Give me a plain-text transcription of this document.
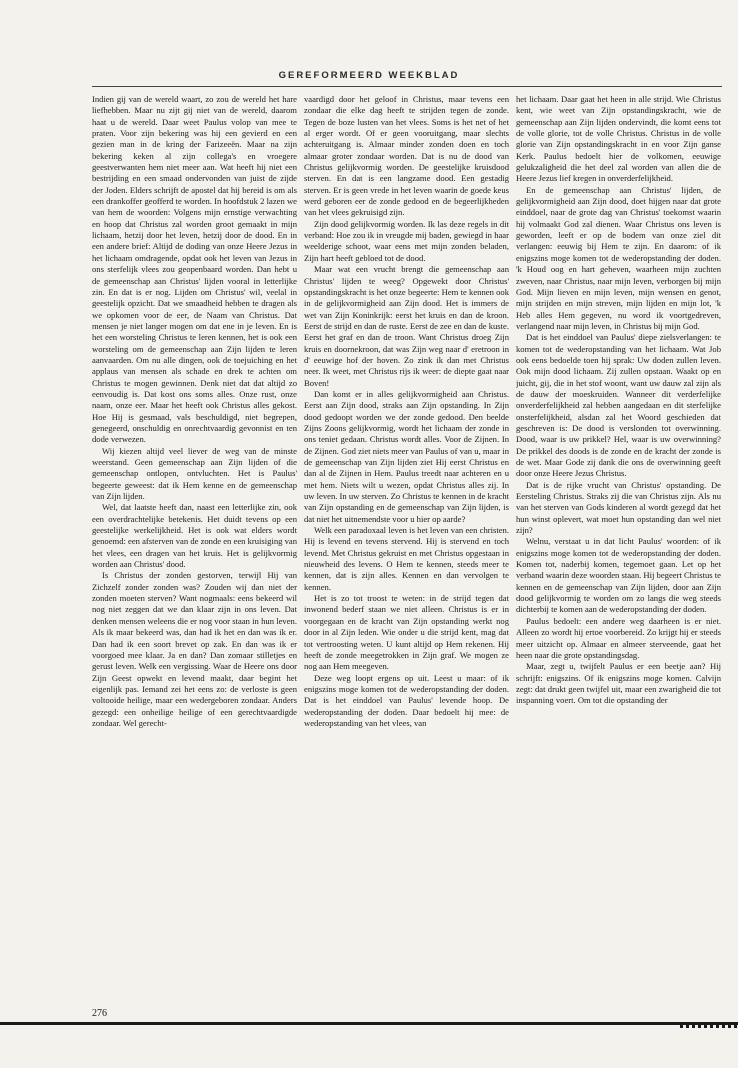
GEREFORMEERD WEEKBLAD

Indien gij van de wereld waart, zo zou de wereld het hare liefhebben. Maar nu zijt gij niet van de wereld, daarom haat u de wereld. Daar weet Paulus volop van mee te praten. Voor zijn bekering was hij een gevierd en een gezien man in de kring der Farizeeën. Maar na zijn bekering keken al zijn collega's en vroegere geestverwanten hem niet meer aan. Wat heeft hij niet een bestrijding en een smaad ondervonden van juist de zijde der Joden. Elders schrijft de apostel dat hij bereid is om als een drankoffer geofferd te worden. In hoofdstuk 2 lazen we van hem de woorden: Volgens mijn ernstige verwachting en hoop dat Christus zal worden groot gemaakt in mijn lichaam, hetzij door het leven, hetzij door de dood. En in een andere brief: Altijd de doding van onze Heere Jezus in het lichaam omdragende, opdat ook het leven van Jezus in ons sterfelijk vlees zou geopenbaard worden. Dan hebt u de gemeenschap aan Christus' lijden vooral in letterlijke zin. En dat is er nog. Lijden om Christus' wil, veelal in geestelijk opzicht. Dat we smaadheid hebben te dragen als we opkomen voor de eer, de Naam van Christus. Dat mensen je niet langer mogen om dat ene in je leven. En is het een worsteling Christus te leren kennen, het is ook een worsteling om de gemeenschap aan Zijn lijden te leren aanvaarden. Om nu alle dingen, ook de toejuiching en het applaus van mensen als schade en drek te achten om Christus te mogen gewinnen. Denk niet dat dat altijd zo eenvoudig is. Dat kost ons soms alles. Onze rust, onze naam, onze eer. Maar het heeft ook Christus alles gekost. Hoe Hij is gesmaad, vals beschuldigd, niet begrepen, genegeerd, onschuldig en onrechtvaardig gevonnist en ten dode verwezen.

Wij kiezen altijd veel liever de weg van de minste weerstand. Geen gemeenschap aan Zijn lijden of die gemeenschap ontlopen, ontvluchten. Het is Paulus' begeerte geweest: dat ik Hem kenne en de gemeenschap van Zijn lijden.

Wel, dat laatste heeft dan, naast een letterlijke zin, ook een overdrachtelijke betekenis. Het duidt tevens op een geestelijke werkelijkheid. Het is ook wat elders wordt genoemd: een afsterven van de zonde en een kruisiging van het vlees, een dragen van het kruis. Het is gelijkvormig worden aan Christus' dood.

Is Christus der zonden gestorven, terwijl Hij van Zichzelf zonder zonden was? Zouden wij dan niet der zonden moeten sterven? Want nogmaals: eens bekeerd wil nog niet zeggen dat we dan klaar zijn in ons leven. Dat denken mensen weleens die er nog voor staan in hun leven. Als ik maar bekeerd was, dan had ik het en dan was ik er. Dan had ik een soort brevet op zak. En dan was ik er voorgoed mee klaar. Ja en dan? Dan zomaar stilletjes en gerust leven. Welk een vergissing. Waar de Heere ons door Zijn Geest opwekt en levend maakt, daar begint het eigenlijk pas. Iemand zei het eens zo: de verloste is geen voltooide heilige, maar een wedergeboren zondaar. Anders gezegd: een onheilige heilige of een gerechtvaardigde zondaar. Wel gerecht-

vaardigd door het geloof in Christus, maar tevens een zondaar die elke dag heeft te strijden tegen de zonde. Tegen de boze lusten van het vlees. Soms is het net of het al erger wordt. Of er geen vooruitgang, maar slechts achteruitgang is. Almaar minder zonden doen en toch almaar groter zondaar worden. Dat is nu de dood van Christus gelijkvormig worden. De geestelijke kruisdood sterven. En dat is een langzame dood. Een gestadig sterven. Er is geen vrede in het leven waarin de goede keus werd geboren eer de zonde gedood en de begeerlijkheden van het vlees gekruisigd zijn.

Zijn dood gelijkvormig worden. Ik las deze regels in dit verband: Hoe zou ik in vreugde mij baden, gewiegd in haar weelderige schoot, waar eens met mijn zonden beladen, Zijn hart heeft gebloed tot de dood.

Maar wat een vrucht brengt die gemeenschap aan Christus' lijden te weeg? Opgewekt door Christus' opstandingskracht is het onze begeerte: Hem te kennen ook in de gelijkvormigheid aan Zijn dood. Het is immers de wet van Zijn Koninkrijk: eerst het kruis en dan de kroon. Eerst de strijd en dan de ruste. Eerst de zee en dan de kuste. Eerst het graf en dan de troon. Want Christus droeg Zijn kruis en doornekroon, dat was Zijn weg naar d' eretroon in d' eeuwige hof der hoven. Zo zink ik dan met Christus neer. Ik weet, met Christus rijs ik weer: de diepte gaat naar Boven!

Dan komt er in alles gelijkvormigheid aan Christus. Eerst aan Zijn dood, straks aan Zijn opstanding. In Zijn dood gedoopt worden we der zonde gedood. Den beelde Zijns Zoons gelijkvormig, wordt het lichaam der zonde in ons teniet gedaan. Christus wordt alles. Voor de Zijnen. In de Zijnen. God ziet niets meer van Paulus of van u, maar in de gemeenschap van Zijn lijden ziet Hij eerst Christus en dan al de Zijnen in Hem. Paulus treedt naar achteren en u met hem. Niets wilt u wezen, opdat Christus alles zij. In uw leven. In uw sterven. Zo Christus te kennen in de kracht van Zijn opstanding en de gemeenschap van Zijn lijden, is dat niet het uitnemendste voor u hier op aarde?

Welk een paradoxaal leven is het leven van een christen. Hij is levend en tevens stervend. Hij is stervend en toch levend. Met Christus gekruist en met Christus opgestaan in nieuwheid des levens. O Hem te kennen, steeds meer te kennen, dat is zijn alles. Kennen en dan vervolgen te kennen.

Het is zo tot troost te weten: in de strijd tegen dat inwonend bederf staan we niet alleen. Christus is er in voorgegaan en de kracht van Zijn opstanding werkt nog door in al Zijn leden. Wie onder u die strijd kent, mag dat tot vertroosting weten. U kunt altijd op Hem rekenen. Hij heeft de zonde meegetrokken in Zijn graf. We mogen ze nog aan Hem meegeven.

Deze weg loopt ergens op uit. Leest u maar: of ik enigszins moge komen tot de wederopstanding der doden. Dat is het einddoel van Paulus' levende hoop. De wederopstanding der doden. Daar bedoelt hij mee: de wederopstanding van het vlees, van

het lichaam. Daar gaat het heen in alle strijd. Wie Christus kent, wie weet van Zijn opstandingskracht, wie de gemeenschap aan Zijn lijden ondervindt, die komt eens tot de volle glorie, tot de volle Christus. Christus in de volle glorie van Zijn opstandingskracht in en voor Zijn ganse Kerk. Paulus bedoelt hier de volkomen, eeuwige gelukzaligheid die het deel zal worden van allen die de Heere Jezus lief kregen in onverderfelijkheid.

En de gemeenschap aan Christus' lijden, de gelijkvormigheid aan Zijn dood, doet hijgen naar dat grote einddoel, naar de grote dag van Christus' toekomst waarin hij volmaakt God zal dienen. Waar Christus ons leven is geworden, leeft er op de bodem van onze ziel dit verlangen: eeuwig bij Hem te zijn. En daarom: of ik enigszins moge komen tot de wederopstanding der doden. 'k Houd oog en hart geheven, waarheen mijn zuchten zweven, naar Christus, naar mijn leven, verborgen bij mijn God. Mijn lieven en mijn leven, mijn wensen en genot, mijn strijden en mijn streven, mijn lijden en mijn lot, 'k Heb alles Hem gegeven, nu word ik voortgedreven, verlangend naar mijn leven, in Christus bij mijn God.

Dat is het einddoel van Paulus' diepe zielsverlangen: te komen tot de wederopstanding van het lichaam. Wat Job ook eens bedoelde toen hij sprak: Uw doden zullen leven. Ook mijn dood lichaam. Zij zullen opstaan. Waakt op en juicht, gij, die in het stof woont, want uw dauw zal zijn als de dauw der moeskruiden. Wanneer dit verderfelijke onverderfelijkheid zal hebben aangedaan en dit sterfelijke onsterfelijkheid, alsdan zal het Woord geschieden dat geschreven is: De dood is verslonden tot overwinning. Dood, waar is uw prikkel? Hel, waar is uw overwinning? De prikkel des doods is de zonde en de kracht der zonde is de wet. Maar Gode zij dank die ons de overwinning geeft door onze Heere Jezus Christus.

Dat is de rijke vrucht van Christus' opstanding. De Eersteling Christus. Straks zij die van Christus zijn. Als nu van het sterven van Gods kinderen al wordt gezegd dat het hun winst oplevert, wat moet hun opstanding dan wel niet zijn?

Welnu, verstaat u in dat licht Paulus' woorden: of ik enigszins moge komen tot de wederopstanding der doden. Komen tot, naderbij komen, tegemoet gaan. Let op het verband waarin deze woorden staan. Hij begeert Christus te kennen en de gemeenschap van Zijn lijden, door aan Zijn dood gelijkvormig te worden om zo langs die weg steeds dichterbij te komen aan de wederopstanding der doden.

Paulus bedoelt: een andere weg daarheen is er niet. Alleen zo wordt hij ertoe voorbereid. Zo krijgt hij er steeds meer uitzicht op. Almaar en almeer sterveende, gaat het heen naar die grote opstandingsdag.

Maar, zegt u, twijfelt Paulus er een beetje aan? Hij schrijft: enigszins. Of ik enigszins moge komen. Calvijn zegt: dat drukt geen twijfel uit, maar een zwarigheid die tot inspanning voert. Om tot die opstanding der

276
